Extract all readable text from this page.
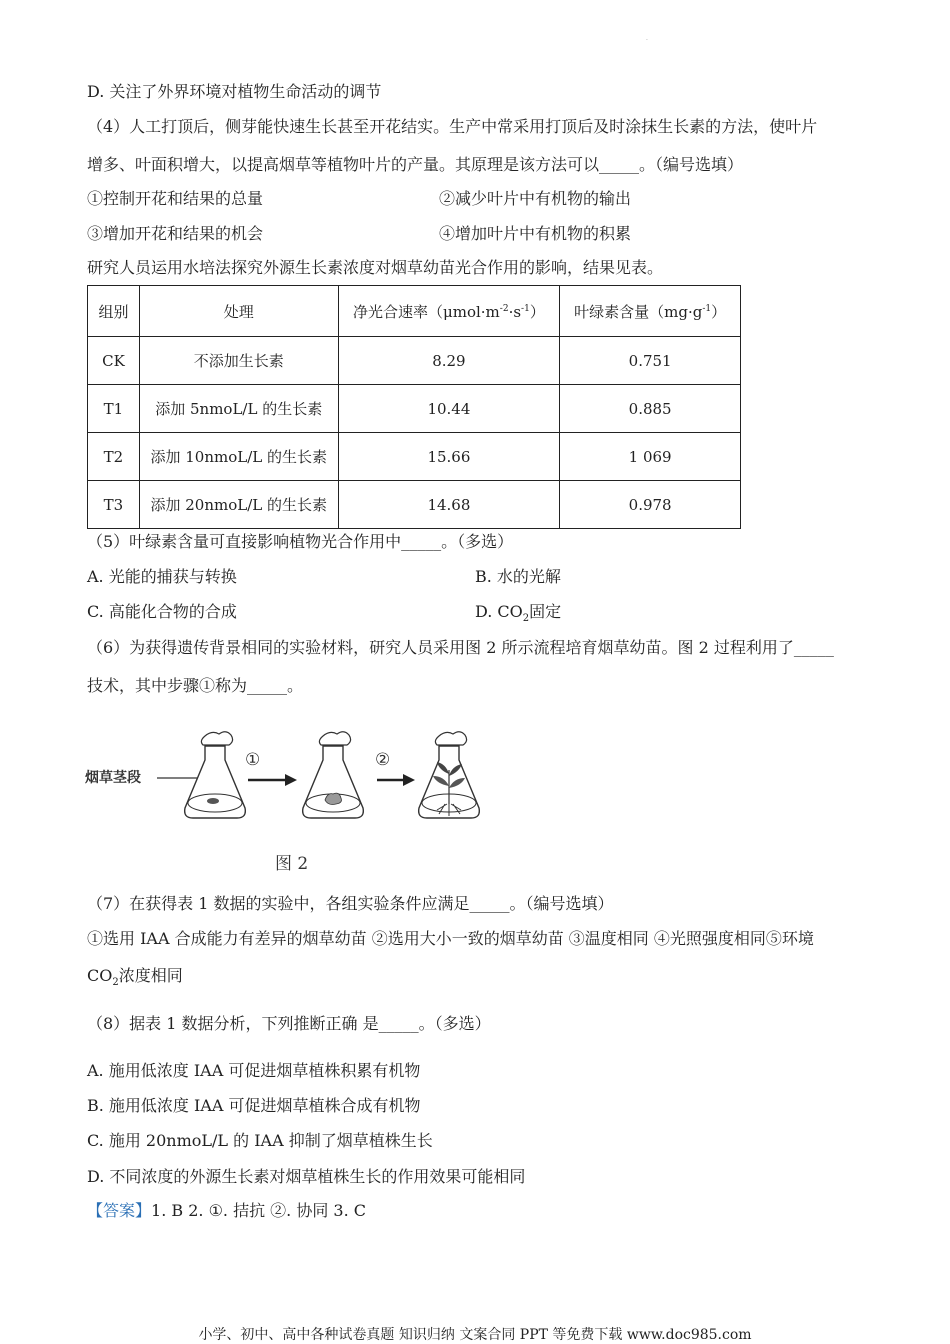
·
D. 关注了外界环境对植物生命活动的调节
（4）人工打顶后，侧芽能快速生长甚至开花结实。生产中常采用打顶后及时涂抹生长素的方法，使叶片
增多、叶面积增大，以提高烟草等植物叶片的产量。其原理是该方法可以_____。（编号选填）
①控制开花和结果的总量	②减少叶片中有机物的输出
③增加开花和结果的机会	④增加叶片中有机物的积累
研究人员运用水培法探究外源生长素浓度对烟草幼苗光合作用的影响，结果见表。
组别	处理	净光合速率$(\mu mol\cdot m^{-2}\cdot s^{-1})$	叶绿素含量$(mg\cdot g^{-1})$
CK	不添加生长素	8.29	0.751
T1	添加 5nmoL/L 的生长素	10.44	0.885
T2	添加 10nmoL/L 的生长素	15.66	1 069
T3	添加 20nmoL/L 的生长素	14.68	0.978
（5）叶绿素含量可直接影响植物光合作用中_____。（多选）
A. 光能的捕获与转换	B. 水的光解
C. 高能化合物的合成	D. $CO_2$固定
（6）为获得遗传背景相同的实验材料，研究人员采用图 2 所示流程培育烟草幼苗。图 2 过程利用了_____
技术，其中步骤①称为_____。
烟草茎段
①	②
图 2
（7）在获得表 1 数据的实验中，各组实验条件应满足_____。（编号选填）
①选用 IAA 合成能力有差异的烟草幼苗 ②选用大小一致的烟草幼苗 ③温度相同 ④光照强度相同⑤环境
$CO_2$浓度相同
（8）据表 1 数据分析，下列推断正确 是_____。（多选）
A. 施用低浓度 IAA 可促进烟草植株积累有机物
B. 施用低浓度 IAA 可促进烟草植株合成有机物
C. 施用 20nmoL/L 的 IAA 抑制了烟草植株生长
D. 不同浓度的外源生长素对烟草植株生长的作用效果可能相同
【答案】1. B 2. ①. 拮抗 ②. 协同 3. C
小学、初中、高中各种试卷真题 知识归纳 文案合同 PPT 等免费下载 www.doc985.com
